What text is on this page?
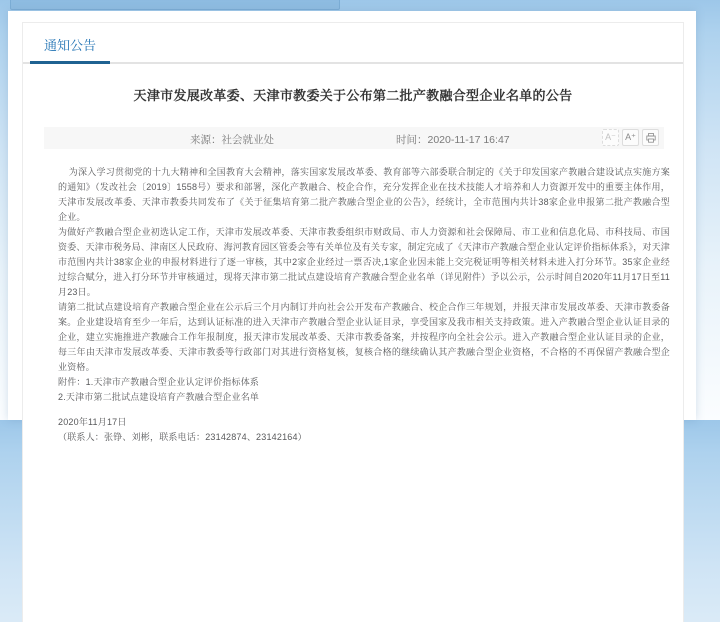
通知公告
天津市发展改革委、天津市教委关于公布第二批产教融合型企业名单的公告
来源：社会就业处	时间：2020-11-17 16:47	A⁻	A⁺

为深入学习贯彻党的十九大精神和全国教育大会精神，落实国家发展改革委、教育部等六部委联合制定的《关于印发国家产教融合建设试点实施方案的通知》（发改社会〔2019〕1558号）要求和部署，深化产教融合、校企合作，充分发挥企业在技术技能人才培养和人力资源开发中的重要主体作用，天津市发展改革委、天津市教委共同发布了《关于征集培育第二批产教融合型企业的公告》，经统计，全市范围内共计38家企业申报第二批产教融合型企业。

为做好产教融合型企业初选认定工作，天津市发展改革委、天津市教委组织市财政局、市人力资源和社会保障局、市工业和信息化局、市科技局、市国资委、天津市税务局、津南区人民政府、海河教育园区管委会等有关单位及有关专家，制定完成了《天津市产教融合型企业认定评价指标体系》，对天津市范围内共计38家企业的申报材料进行了逐一审核，其中2家企业经过一票否决,1家企业因未能上交完税证明等相关材料未进入打分环节。35家企业经过综合赋分，进入打分环节并审核通过，现将天津市第二批试点建设培育产教融合型企业名单（详见附件）予以公示，公示时间自2020年11月17日至11月23日。

请第二批试点建设培育产教融合型企业在公示后三个月内制订并向社会公开发布产教融合、校企合作三年规划，并报天津市发展改革委、天津市教委备案。企业建设培育至少一年后，达到认证标准的进入天津市产教融合型企业认证目录，享受国家及我市相关支持政策。进入产教融合型企业认证目录的企业，建立实施推进产教融合工作年报制度，报天津市发展改革委、天津市教委备案，并按程序向全社会公示。进入产教融合型企业认证目录的企业，每三年由天津市发展改革委、天津市教委等行政部门对其进行资格复核，复核合格的继续确认其产教融合型企业资格，不合格的不再保留产教融合型企业资格。

附件：1.天津市产教融合型企业认定评价指标体系

2.天津市第二批试点建设培育产教融合型企业名单

2020年11月17日

（联系人：张铮、刘彬，联系电话：23142874、23142164）
